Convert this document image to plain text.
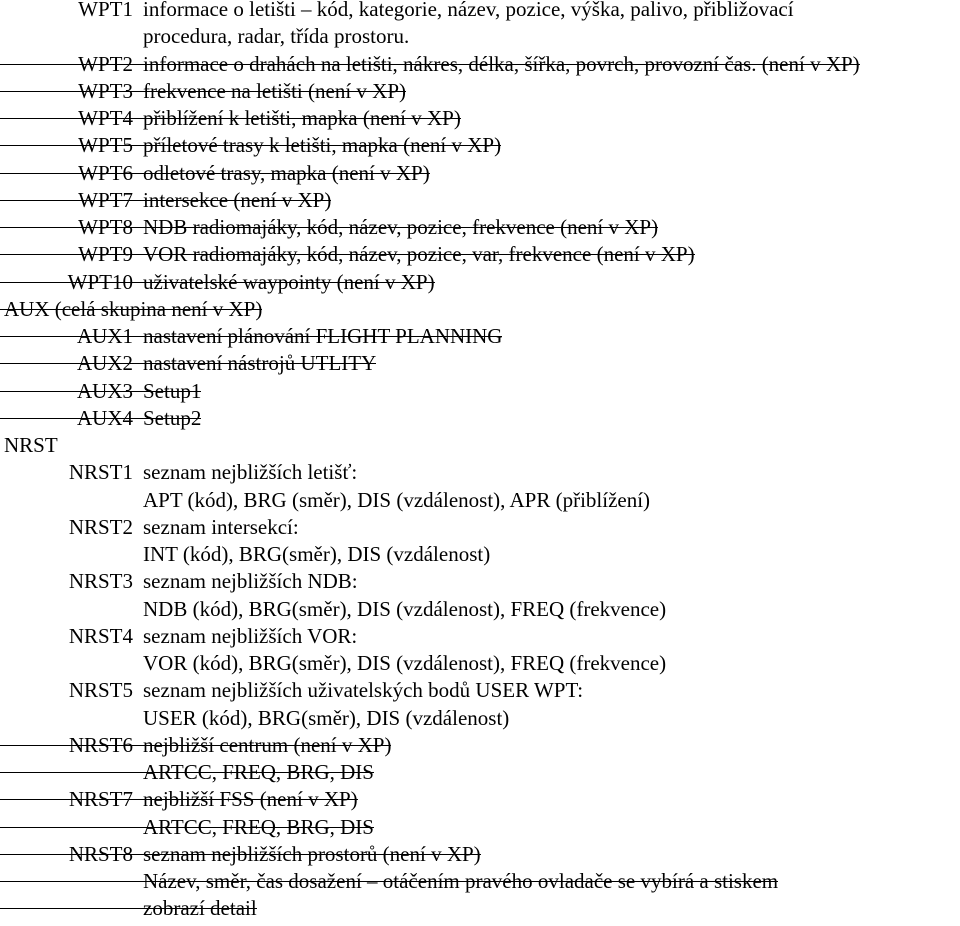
WPT1 informace o letišti – kód, kategorie, název, pozice, výška, palivo, přibližovací
procedura, radar, třída prostoru.
WPT2 informace o drahách na letišti, nákres, délka, šířka, povrch, provozní čas. (není v XP)
WPT3 frekvence na letišti (není v XP)
WPT4 přiblížení k letišti, mapka (není v XP)
WPT5 příletové trasy k letišti, mapka (není v XP)
WPT6 odletové trasy, mapka (není v XP)
WPT7 intersekce (není v XP)
WPT8 NDB radiomajáky, kód, název, pozice, frekvence (není v XP)
WPT9 VOR radiomajáky, kód, název, pozice, var, frekvence (není v XP)
WPT10 uživatelské waypointy (není v XP)
AUX (celá skupina není v XP)
AUX1 nastavení plánování FLIGHT PLANNING
AUX2 nastavení nástrojů UTLITY
AUX3 Setup1
AUX4 Setup2
NRST
NRST1 seznam nejbližších letišť:
APT (kód), BRG (směr), DIS (vzdálenost), APR (přiblížení)
NRST2 seznam intersekcí:
INT (kód), BRG(směr), DIS (vzdálenost)
NRST3 seznam nejbližších NDB:
NDB (kód), BRG(směr), DIS (vzdálenost), FREQ (frekvence)
NRST4 seznam nejbližších VOR:
VOR (kód), BRG(směr), DIS (vzdálenost), FREQ (frekvence)
NRST5 seznam nejbližších uživatelských bodů USER WPT:
USER (kód), BRG(směr), DIS (vzdálenost)
NRST6 nejbližší centrum (není v XP)
ARTCC, FREQ, BRG, DIS
NRST7 nejbližší FSS (není v XP)
ARTCC, FREQ, BRG, DIS
NRST8 seznam nejbližších prostorů (není v XP)
Název, směr, čas dosažení – otáčením pravého ovladače se vybírá a stiskem
zobrazí detail
